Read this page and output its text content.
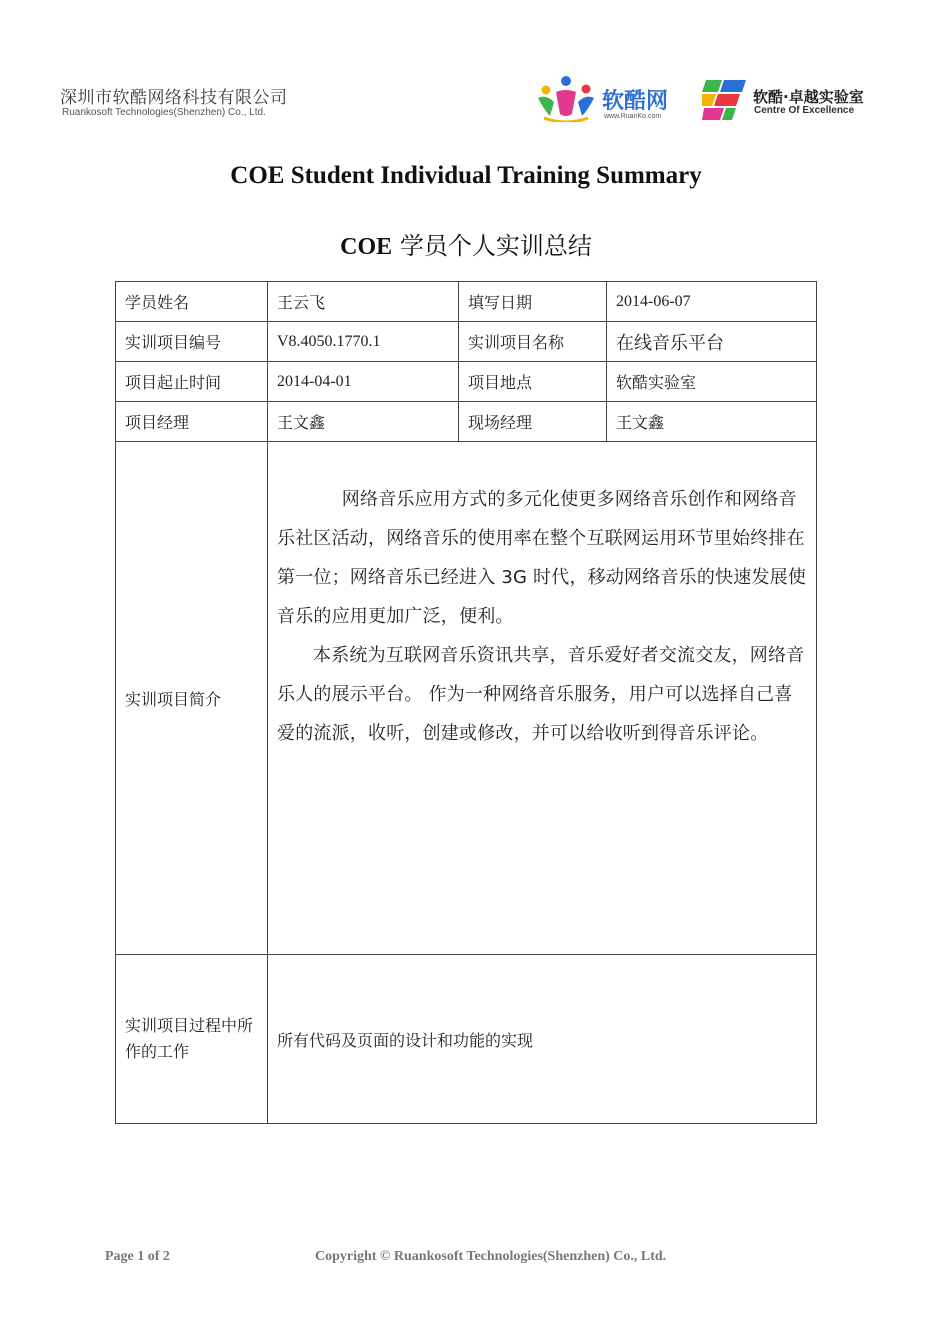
深圳市软酷网络科技有限公司
Ruankosoft Technologies(Shenzhen) Co., Ltd.	软酷网
www.RuanKo.com
软酷·卓越实验室
Centre Of Excellence
COE Student Individual Training Summary
COE 学员个人实训总结
学员姓名	王云飞	填写日期	2014-06-07
实训项目编号	V8.4050.1770.1	实训项目名称	在线音乐平台
项目起止时间	2014-04-01	项目地点	软酷实验室
项目经理	王文鑫	现场经理	王文鑫
实训项目简介	网络音乐应用方式的多元化使更多网络音乐创作和网络音乐社区活动，网络音乐的使用率在整个互联网运用环节里始终排在第一位；网络音乐已经进入 3G 时代，移动网络音乐的快速发展使音乐的应用更加广泛，便利。

本系统为互联网音乐资讯共享，音乐爱好者交流交友，网络音乐人的展示平台。 作为一种网络音乐服务，用户可以选择自己喜爱的流派，收听，创建或修改，并可以给收听到得音乐评论。		

实训项目过程中所作的工作	所有代码及页面的设计和功能的实现		
Page 1 of 2	Copyright © Ruankosoft Technologies(Shenzhen) Co., Ltd.
